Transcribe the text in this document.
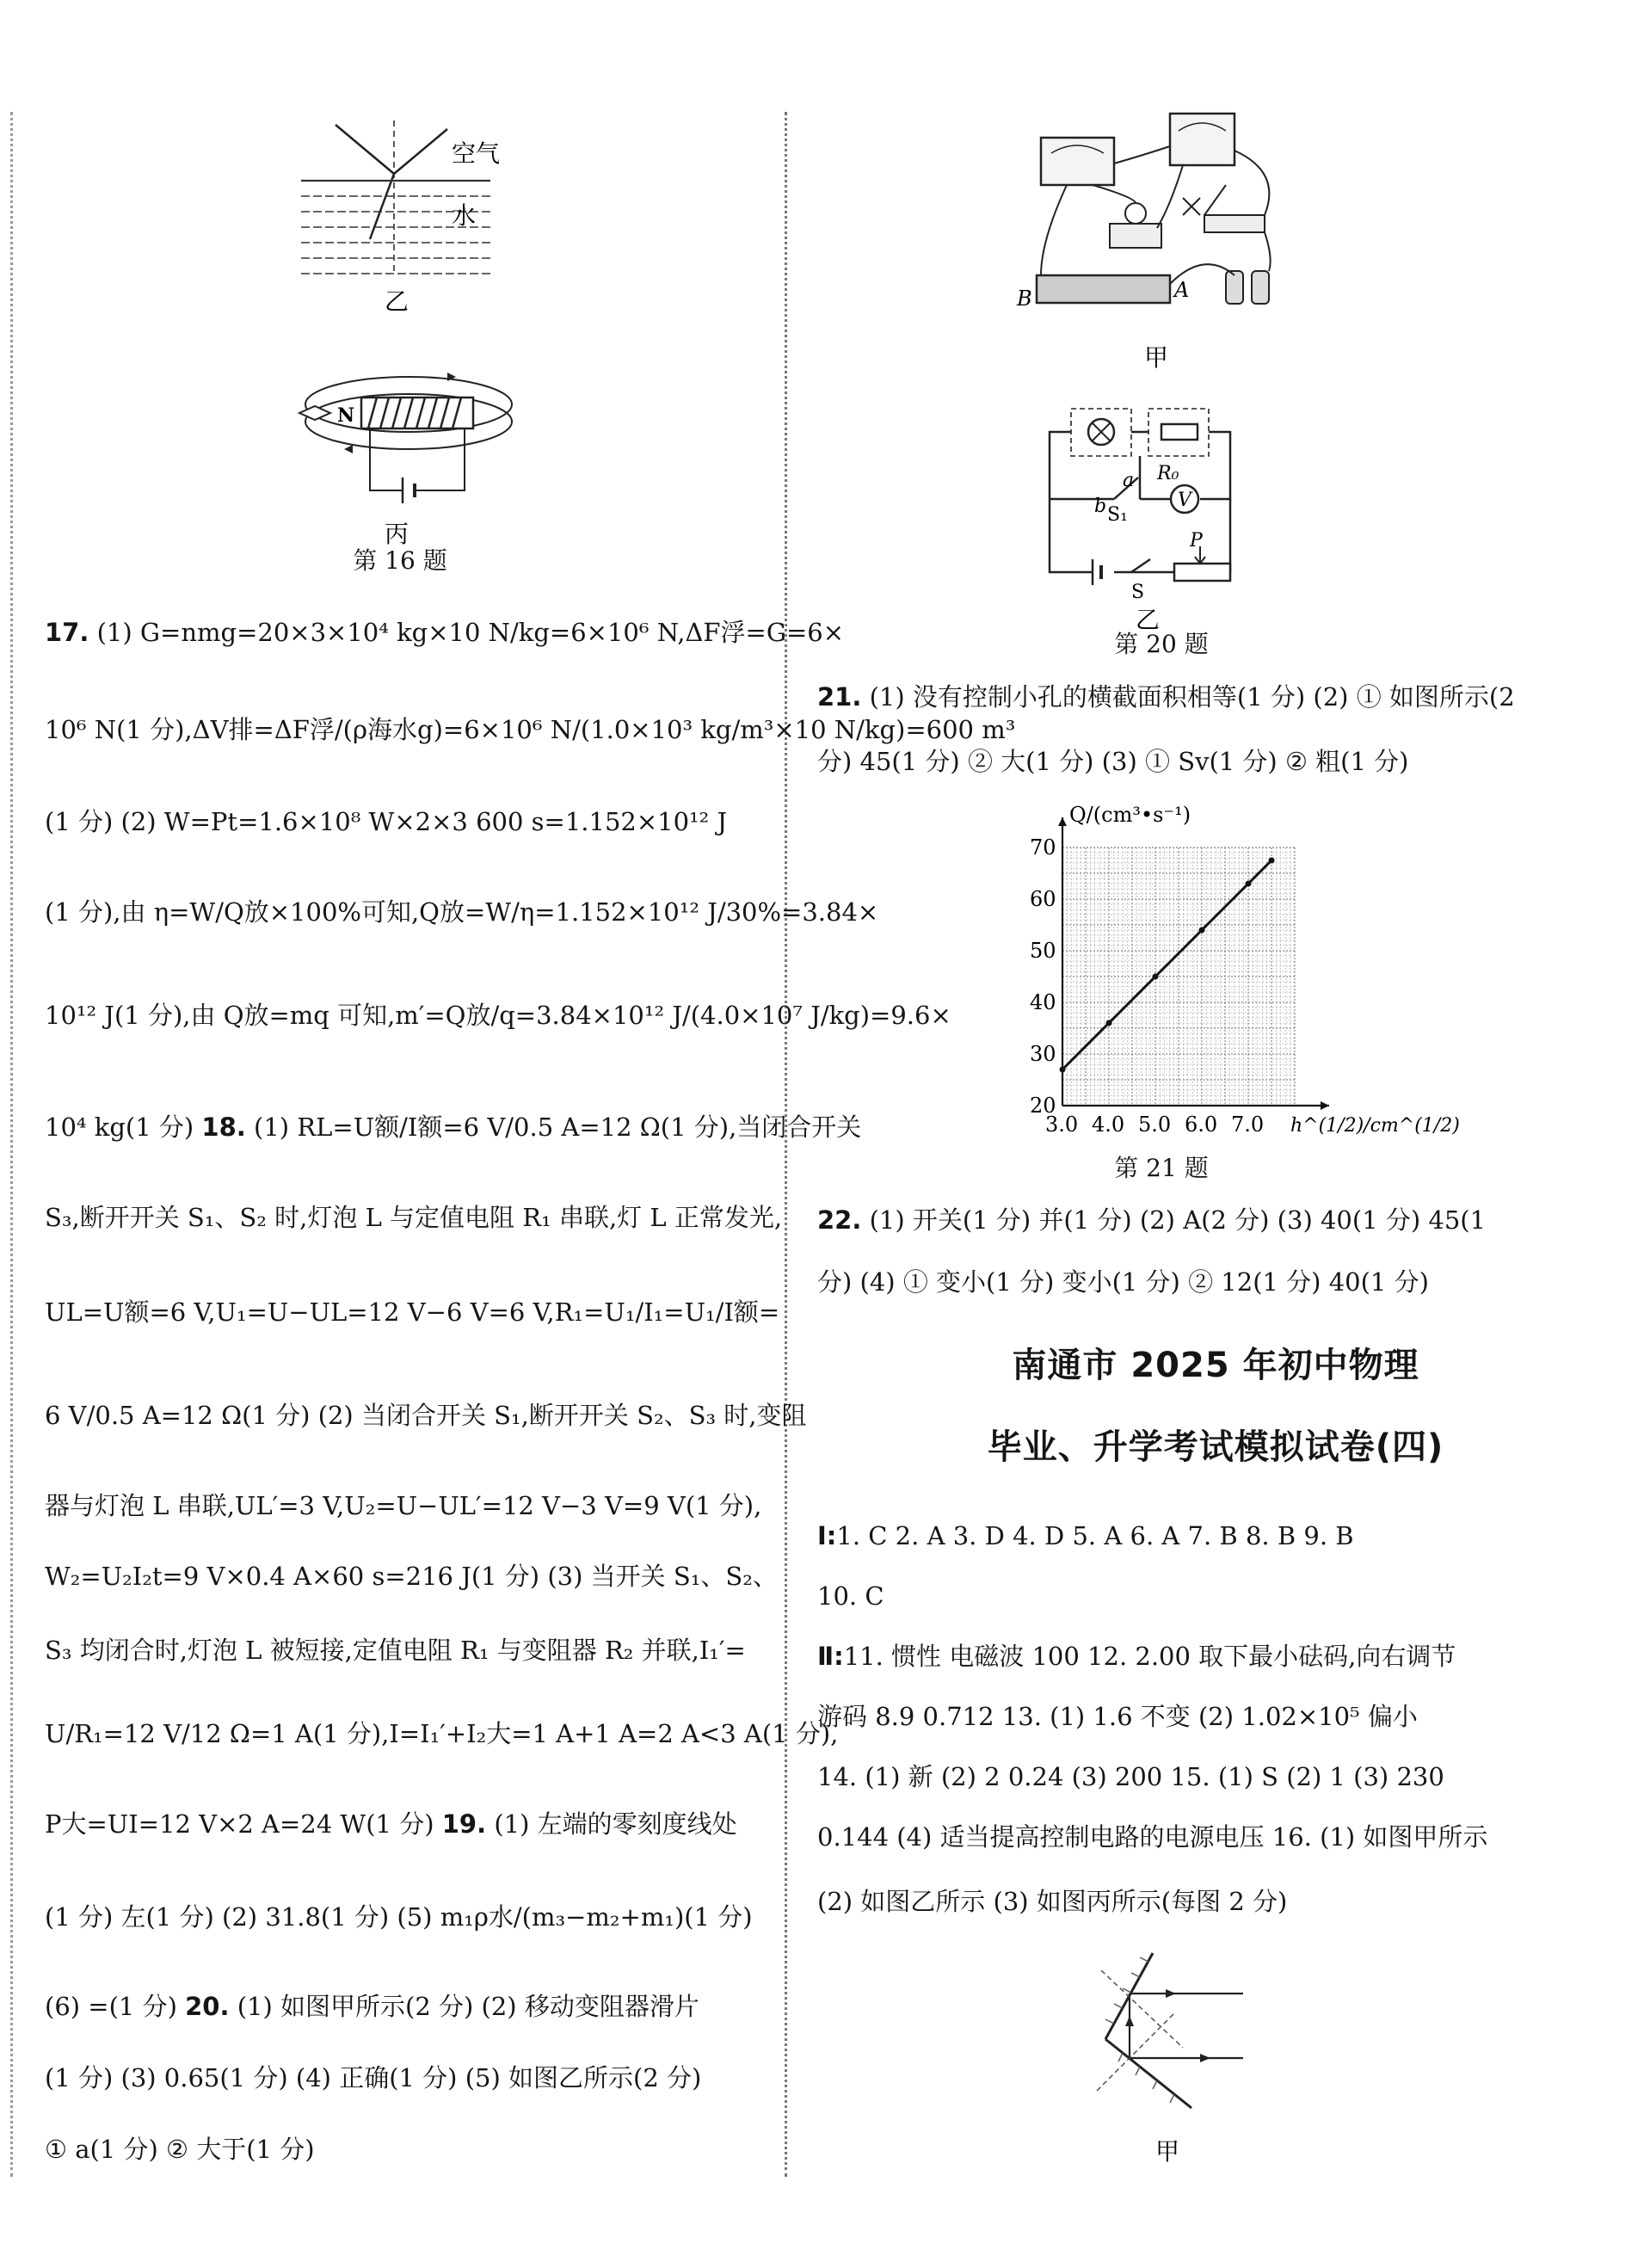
空气
水
乙
N
丙
第 16 题
17. (1) G=nmg=20×3×10⁴ kg×10 N/kg=6×10⁶ N,ΔF浮=G=6×
10⁶ N(1 分),ΔV排=ΔF浮/(ρ海水g)=6×10⁶ N/(1.0×10³ kg/m³×10 N/kg)=600 m³
(1 分) (2) W=Pt=1.6×10⁸ W×2×3 600 s=1.152×10¹² J
(1 分),由 η=W/Q放×100%可知,Q放=W/η=1.152×10¹² J/30%=3.84×
10¹² J(1 分),由 Q放=mq 可知,m′=Q放/q=3.84×10¹² J/(4.0×10⁷ J/kg)=9.6×
10⁴ kg(1 分) 18. (1) RL=U额/I额=6 V/0.5 A=12 Ω(1 分),当闭合开关
S₃,断开开关 S₁、S₂ 时,灯泡 L 与定值电阻 R₁ 串联,灯 L 正常发光,
UL=U额=6 V,U₁=U−UL=12 V−6 V=6 V,R₁=U₁/I₁=U₁/I额=
6 V/0.5 A=12 Ω(1 分) (2) 当闭合开关 S₁,断开开关 S₂、S₃ 时,变阻
器与灯泡 L 串联,UL′=3 V,U₂=U−UL′=12 V−3 V=9 V(1 分),
W₂=U₂I₂t=9 V×0.4 A×60 s=216 J(1 分) (3) 当开关 S₁、S₂、
S₃ 均闭合时,灯泡 L 被短接,定值电阻 R₁ 与变阻器 R₂ 并联,I₁′=
U/R₁=12 V/12 Ω=1 A(1 分),I=I₁′+I₂大=1 A+1 A=2 A<3 A(1 分),
P大=UI=12 V×2 A=24 W(1 分) 19. (1) 左端的零刻度线处
(1 分) 左(1 分) (2) 31.8(1 分) (5) m₁ρ水/(m₃−m₂+m₁)(1 分)
(6) =(1 分) 20. (1) 如图甲所示(2 分) (2) 移动变阻器滑片
(1 分) (3) 0.65(1 分) (4) 正确(1 分) (5) 如图乙所示(2 分)
① a(1 分) ② 大于(1 分)
B	A
甲
V
a
b S₁
R₀
P
S
乙
第 20 题
21. (1) 没有控制小孔的横截面积相等(1 分) (2) ① 如图所示(2
分) 45(1 分) ② 大(1 分) (3) ① Sv(1 分) ② 粗(1 分)
3.0 4.0 5.0 6.0 7.0
20
30
40
50
60
70
h^(1/2)/cm^(1/2)
Q/(cm³•s⁻¹)
第 21 题
22. (1) 开关(1 分) 并(1 分) (2) A(2 分) (3) 40(1 分) 45(1
分) (4) ① 变小(1 分) 变小(1 分) ② 12(1 分) 40(1 分)
南通市 2025 年初中物理
毕业、升学考试模拟试卷(四)
Ⅰ:1. C 2. A 3. D 4. D 5. A 6. A 7. B 8. B 9. B
10. C
Ⅱ:11. 惯性 电磁波 100 12. 2.00 取下最小砝码,向右调节
游码 8.9 0.712 13. (1) 1.6 不变 (2) 1.02×10⁵ 偏小
14. (1) 新 (2) 2 0.24 (3) 200 15. (1) S (2) 1 (3) 230
0.144 (4) 适当提高控制电路的电源电压 16. (1) 如图甲所示
(2) 如图乙所示 (3) 如图丙所示(每图 2 分)
甲
